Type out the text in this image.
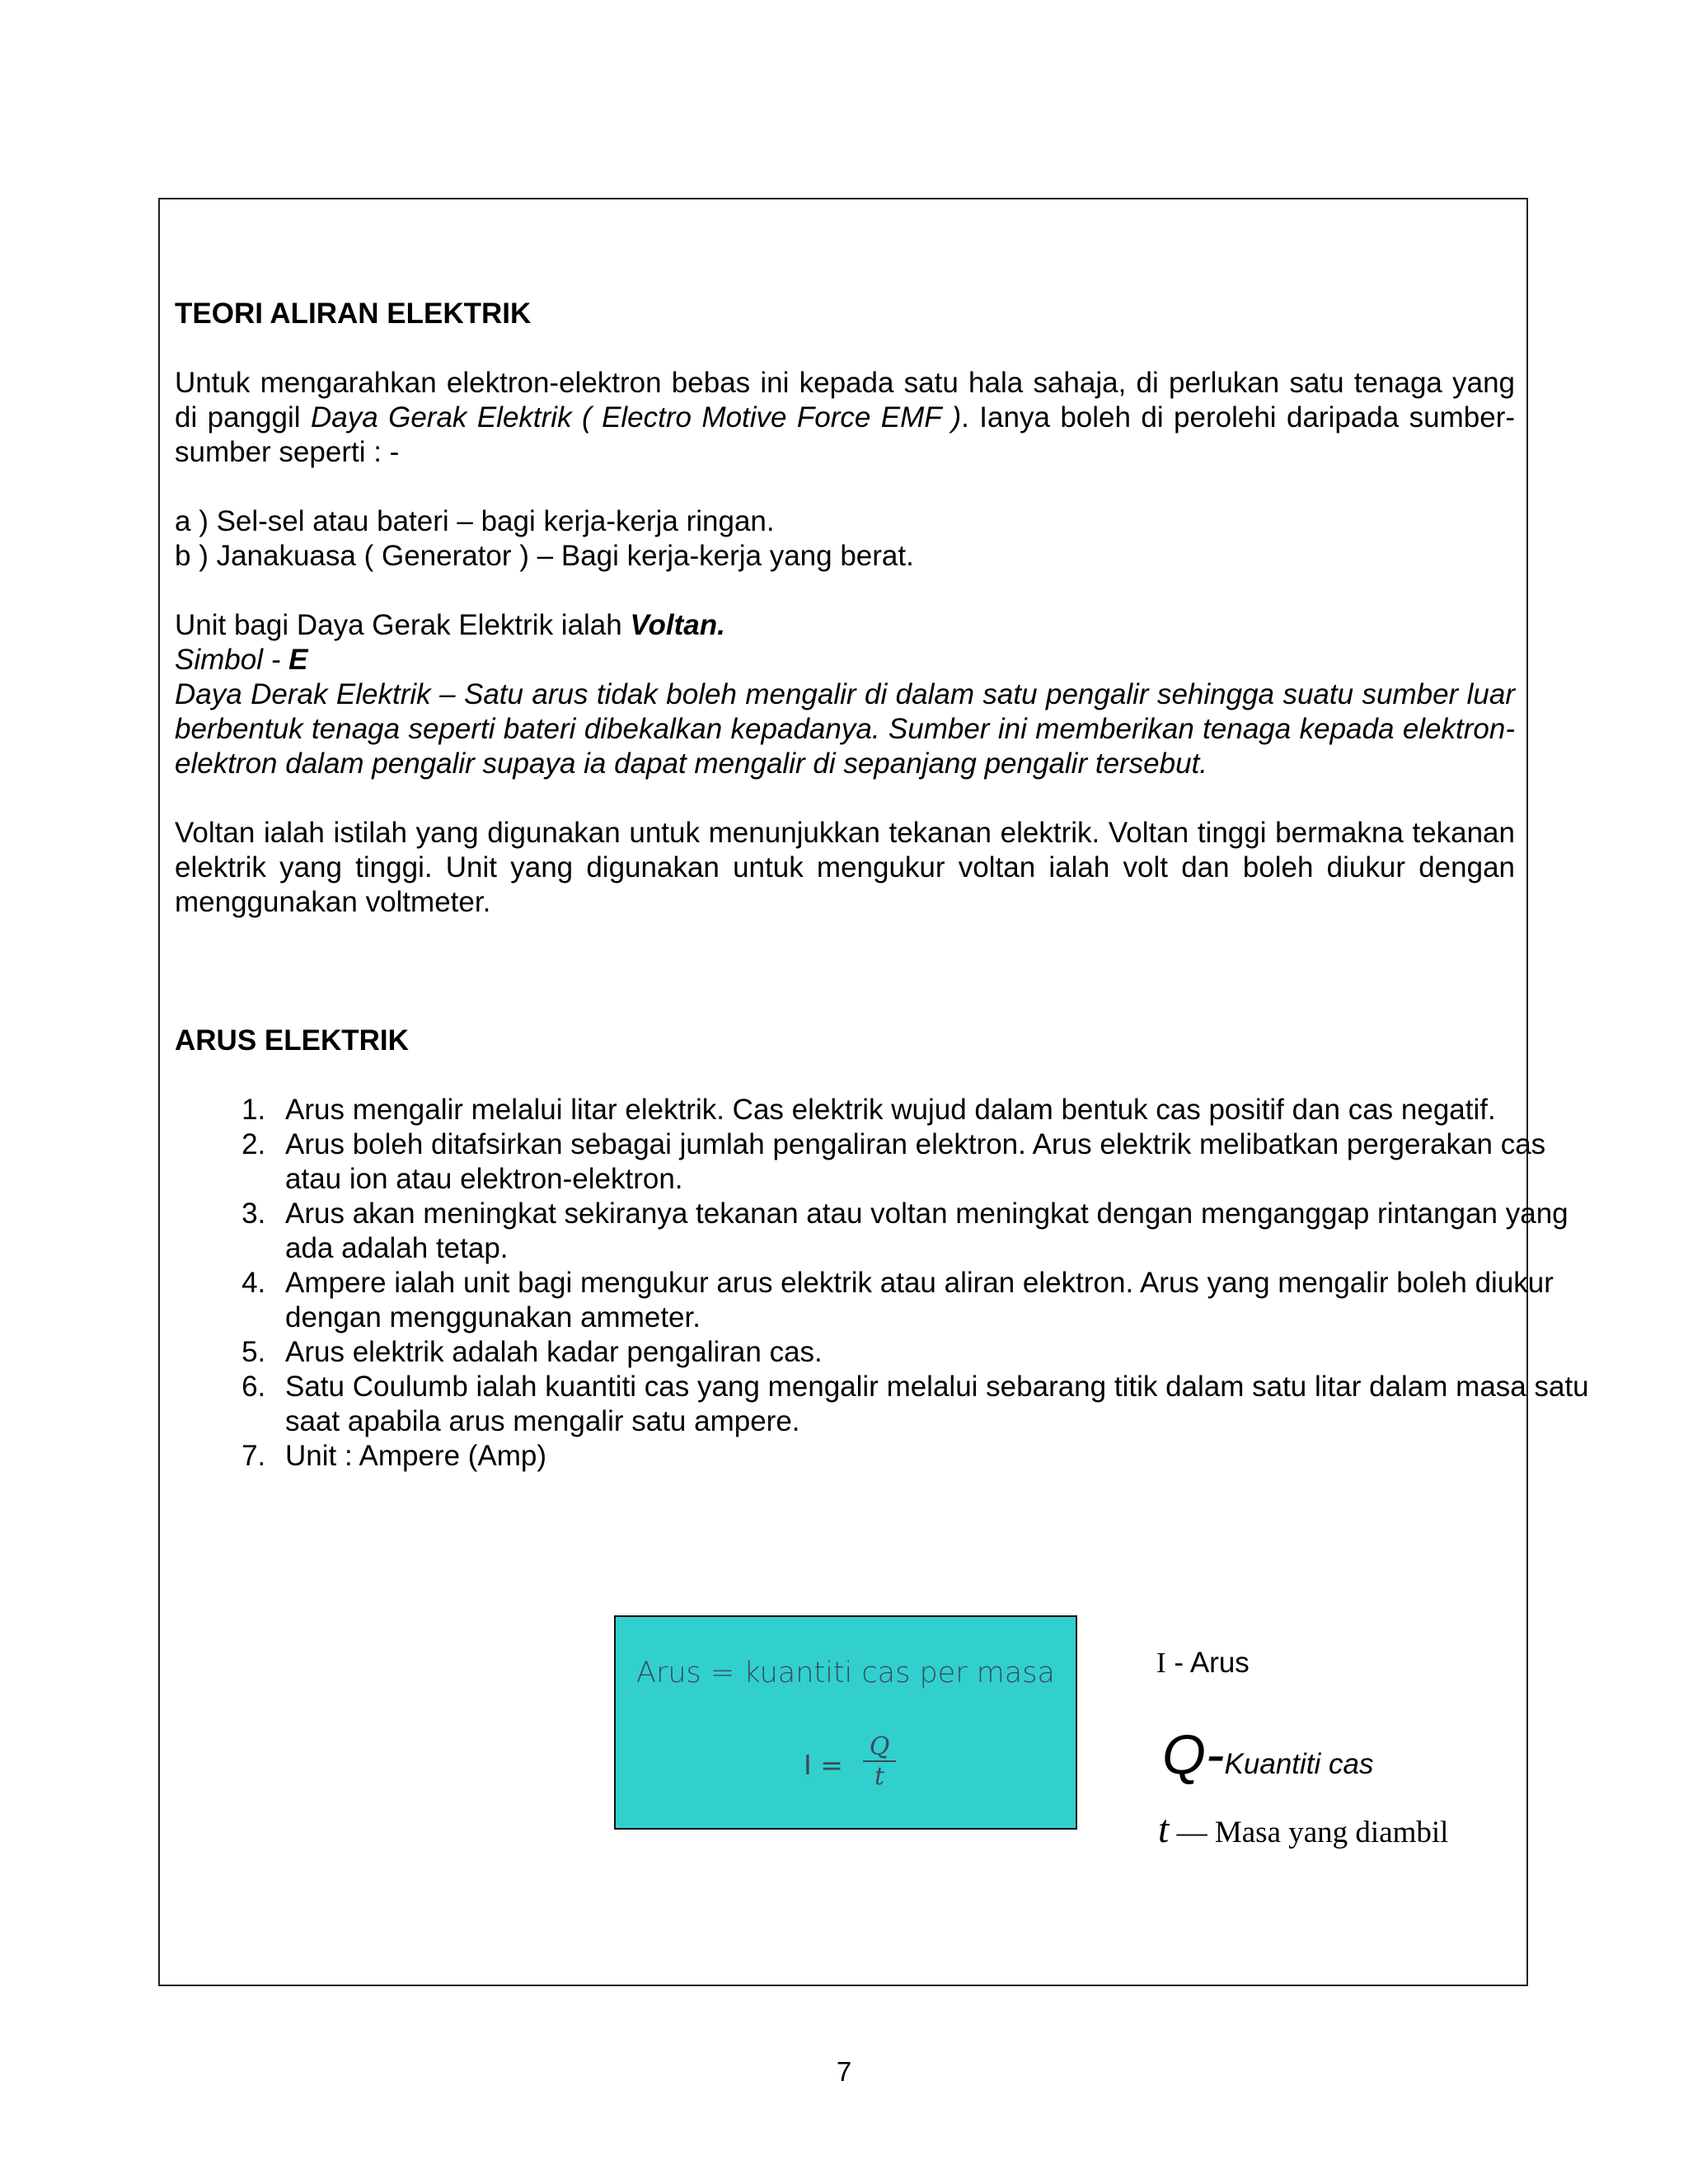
TEORI ALIRAN ELEKTRIK

Untuk mengarahkan elektron-elektron bebas ini kepada satu hala sahaja, di perlukan satu tenaga yang di panggil Daya Gerak Elektrik ( Electro Motive Force EMF ). Ianya boleh di perolehi daripada sumber-sumber seperti : -

a ) Sel-sel atau bateri – bagi kerja-kerja ringan.

b ) Janakuasa ( Generator ) – Bagi kerja-kerja yang berat.

Unit bagi Daya Gerak Elektrik ialah Voltan.

Simbol - E

Daya Derak Elektrik – Satu arus tidak boleh mengalir di dalam satu pengalir sehingga suatu sumber luar berbentuk tenaga seperti bateri dibekalkan kepadanya. Sumber ini memberikan tenaga kepada elektron-elektron dalam pengalir supaya ia dapat mengalir di sepanjang pengalir tersebut.

Voltan ialah istilah yang digunakan untuk menunjukkan tekanan elektrik. Voltan tinggi bermakna tekanan elektrik yang tinggi. Unit yang digunakan untuk mengukur voltan ialah volt dan boleh diukur dengan menggunakan voltmeter.

ARUS ELEKTRIK

1. Arus mengalir melalui litar elektrik. Cas elektrik wujud dalam bentuk cas positif dan cas negatif.
2. Arus boleh ditafsirkan sebagai jumlah pengaliran elektron. Arus elektrik melibatkan pergerakan cas atau ion atau elektron-elektron.
3. Arus akan meningkat sekiranya tekanan atau voltan meningkat dengan menganggap rintangan yang ada adalah tetap.
4. Ampere ialah unit bagi mengukur arus elektrik atau aliran elektron. Arus yang mengalir boleh diukur dengan menggunakan ammeter.
5. Arus elektrik adalah kadar pengaliran cas.
6. Satu Coulumb ialah kuantiti cas yang mengalir melalui sebarang titik dalam satu litar dalam masa satu saat apabila arus mengalir satu ampere.
7. Unit : Ampere (Amp)
Arus = kuantiti cas per masa
$I = \frac{Q}{t}$
I - Arus
Q-Kuantiti cas
t — Masa yang diambil
7
